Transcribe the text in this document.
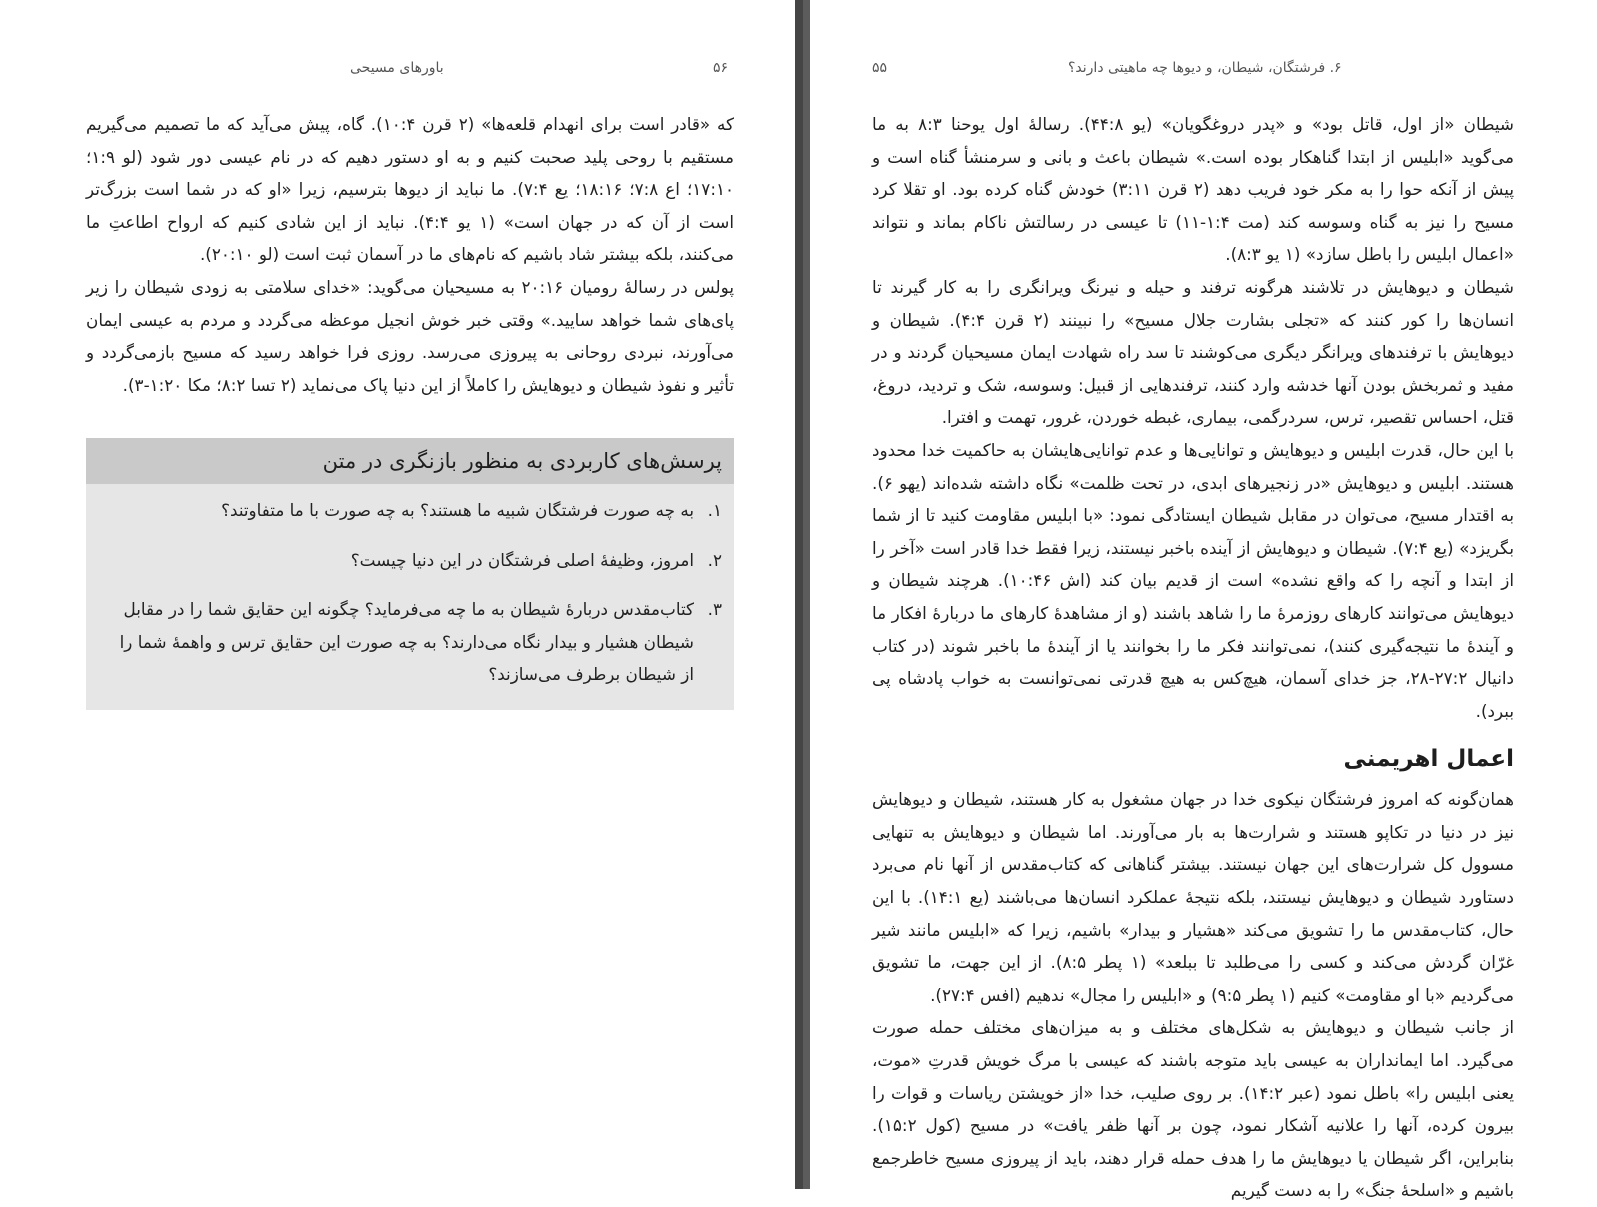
باورهای مسیحی	۵۶

که «قادر است برای انهدام قلعه‌ها» (۲ قرن ۱۰:۴). گاه، پیش می‌آید که ما تصمیم می‌گیریم مستقیم با روحی پلید صحبت کنیم و به او دستور دهیم که در نام عیسی دور شود (لو ۱:۹؛ ۱۷:۱۰؛ اع ۷:۸؛ ۱۸:۱۶؛ یع ۷:۴). ما نباید از دیوها بترسیم، زیرا «او که در شما است بزرگ‌تر است از آن که در جهان است» (۱ یو ۴:۴). نباید از این شادی کنیم که ارواح اطاعتِ ما می‌کنند، بلکه بیشتر شاد باشیم که نام‌های ما در آسمان ثبت است (لو ۲۰:۱۰).

پولس در رسالهٔ رومیان ۲۰:۱۶ به مسیحیان می‌گوید: «خدای سلامتی به زودی شیطان را زیر پای‌های شما خواهد سایید.» وقتی خبر خوش انجیل موعظه می‌گردد و مردم به عیسی ایمان می‌آورند، نبردی روحانی به پیروزی می‌رسد. روزی فرا خواهد رسید که مسیح بازمی‌گردد و تأثیر و نفوذ شیطان و دیوهایش را کاملاً از این دنیا پاک می‌نماید (۲ تسا ۸:۲؛ مکا ۱:۲۰-۳).

پرسش‌های کاربردی به منظور بازنگری در متن
۱.
به چه صورت فرشتگان شبیه ما هستند؟ به چه صورت با ما متفاوتند؟
۲.
امروز، وظیفهٔ اصلی فرشتگان در این دنیا چیست؟
۳.
کتاب‌مقدس دربارهٔ شیطان به ما چه می‌فرماید؟ چگونه این حقایق شما را در مقابل شیطان هشیار و بیدار نگاه می‌دارند؟ به چه صورت این حقایق ترس و واهمهٔ شما را از شیطان برطرف می‌سازند؟
۶. فرشتگان، شیطان، و دیوها چه ماهیتی دارند؟
۵۵

شیطان «از اول، قاتل بود» و «پدر دروغگویان» (یو ۴۴:۸). رسالهٔ اول یوحنا ۸:۳ به ما می‌گوید «ابلیس از ابتدا گناهکار بوده است.» شیطان باعث و بانی و سرمنشأ گناه است و پیش از آنکه حوا را به مکر خود فریب دهد (۲ قرن ۳:۱۱) خودش گناه کرده بود. او تقلا کرد مسیح را نیز به گناه وسوسه کند (مت ۱:۴-۱۱) تا عیسی در رسالتش ناکام بماند و نتواند «اعمال ابلیس را باطل سازد» (۱ یو ۸:۳).

شیطان و دیوهایش در تلاشند هرگونه ترفند و حیله و نیرنگ ویرانگری را به کار گیرند تا انسان‌ها را کور کنند که «تجلی بشارت جلال مسیح» را نبینند (۲ قرن ۴:۴). شیطان و دیوهایش با ترفندهای ویرانگر دیگری می‌کوشند تا سد راه شهادت ایمان مسیحیان گردند و در مفید و ثمربخش بودن آنها خدشه وارد کنند، ترفندهایی از قبیل: وسوسه، شک و تردید، دروغ، قتل، احساس تقصیر، ترس، سردرگمی، بیماری، غبطه خوردن، غرور، تهمت و افترا.

با این حال، قدرت ابلیس و دیوهایش و توانایی‌ها و عدم توانایی‌هایشان به حاکمیت خدا محدود هستند. ابلیس و دیوهایش «در زنجیرهای ابدی، در تحت ظلمت» نگاه داشته شده‌اند (یهو ۶). به اقتدار مسیح، می‌توان در مقابل شیطان ایستادگی نمود: «با ابلیس مقاومت کنید تا از شما بگریزد» (یع ۷:۴). شیطان و دیوهایش از آینده باخبر نیستند، زیرا فقط خدا قادر است «آخر را از ابتدا و آنچه را که واقع نشده» است از قدیم بیان کند (اش ۱۰:۴۶). هرچند شیطان و دیوهایش می‌توانند کارهای روزمرهٔ ما را شاهد باشند (و از مشاهدهٔ کارهای ما دربارهٔ افکار ما و آیندهٔ ما نتیجه‌گیری کنند)، نمی‌توانند فکر ما را بخوانند یا از آیندهٔ ما باخبر شوند (در کتاب دانیال ۲۷:۲-۲۸، جز خدای آسمان، هیچ‌کس به هیچ قدرتی نمی‌توانست به خواب پادشاه پی ببرد).

اعمال اهریمنی

همان‌گونه که امروز فرشتگان نیکوی خدا در جهان مشغول به کار هستند، شیطان و دیوهایش نیز در دنیا در تکاپو هستند و شرارت‌ها به بار می‌آورند. اما شیطان و دیوهایش به تنهایی مسوول کل شرارت‌های این جهان نیستند. بیشتر گناهانی که کتاب‌مقدس از آنها نام می‌برد دستاورد شیطان و دیوهایش نیستند، بلکه نتیجهٔ عملکرد انسان‌ها می‌باشند (یع ۱۴:۱). با این حال، کتاب‌مقدس ما را تشویق می‌کند «هشیار و بیدار» باشیم، زیرا که «ابلیس مانند شیر غرّان گردش می‌کند و کسی را می‌طلبد تا ببلعد» (۱ پطر ۸:۵). از این جهت، ما تشویق می‌گردیم «با او مقاومت» کنیم (۱ پطر ۹:۵) و «ابلیس را مجال» ندهیم (افس ۲۷:۴).

از جانب شیطان و دیوهایش به شکل‌های مختلف و به میزان‌های مختلف حمله صورت می‌گیرد. اما ایمانداران به عیسی باید متوجه باشند که عیسی با مرگ خویش قدرتِ «موت، یعنی ابلیس را» باطل نمود (عبر ۱۴:۲). بر روی صلیب، خدا «از خویشتن ریاسات و قوات را بیرون کرده، آنها را علانیه آشکار نمود، چون بر آنها ظفر یافت» در مسیح (کول ۱۵:۲). بنابراین، اگر شیطان یا دیوهایش ما را هدف حمله قرار دهند، باید از پیروزی مسیح خاطرجمع باشیم و «اسلحهٔ جنگ» را به دست گیریم
